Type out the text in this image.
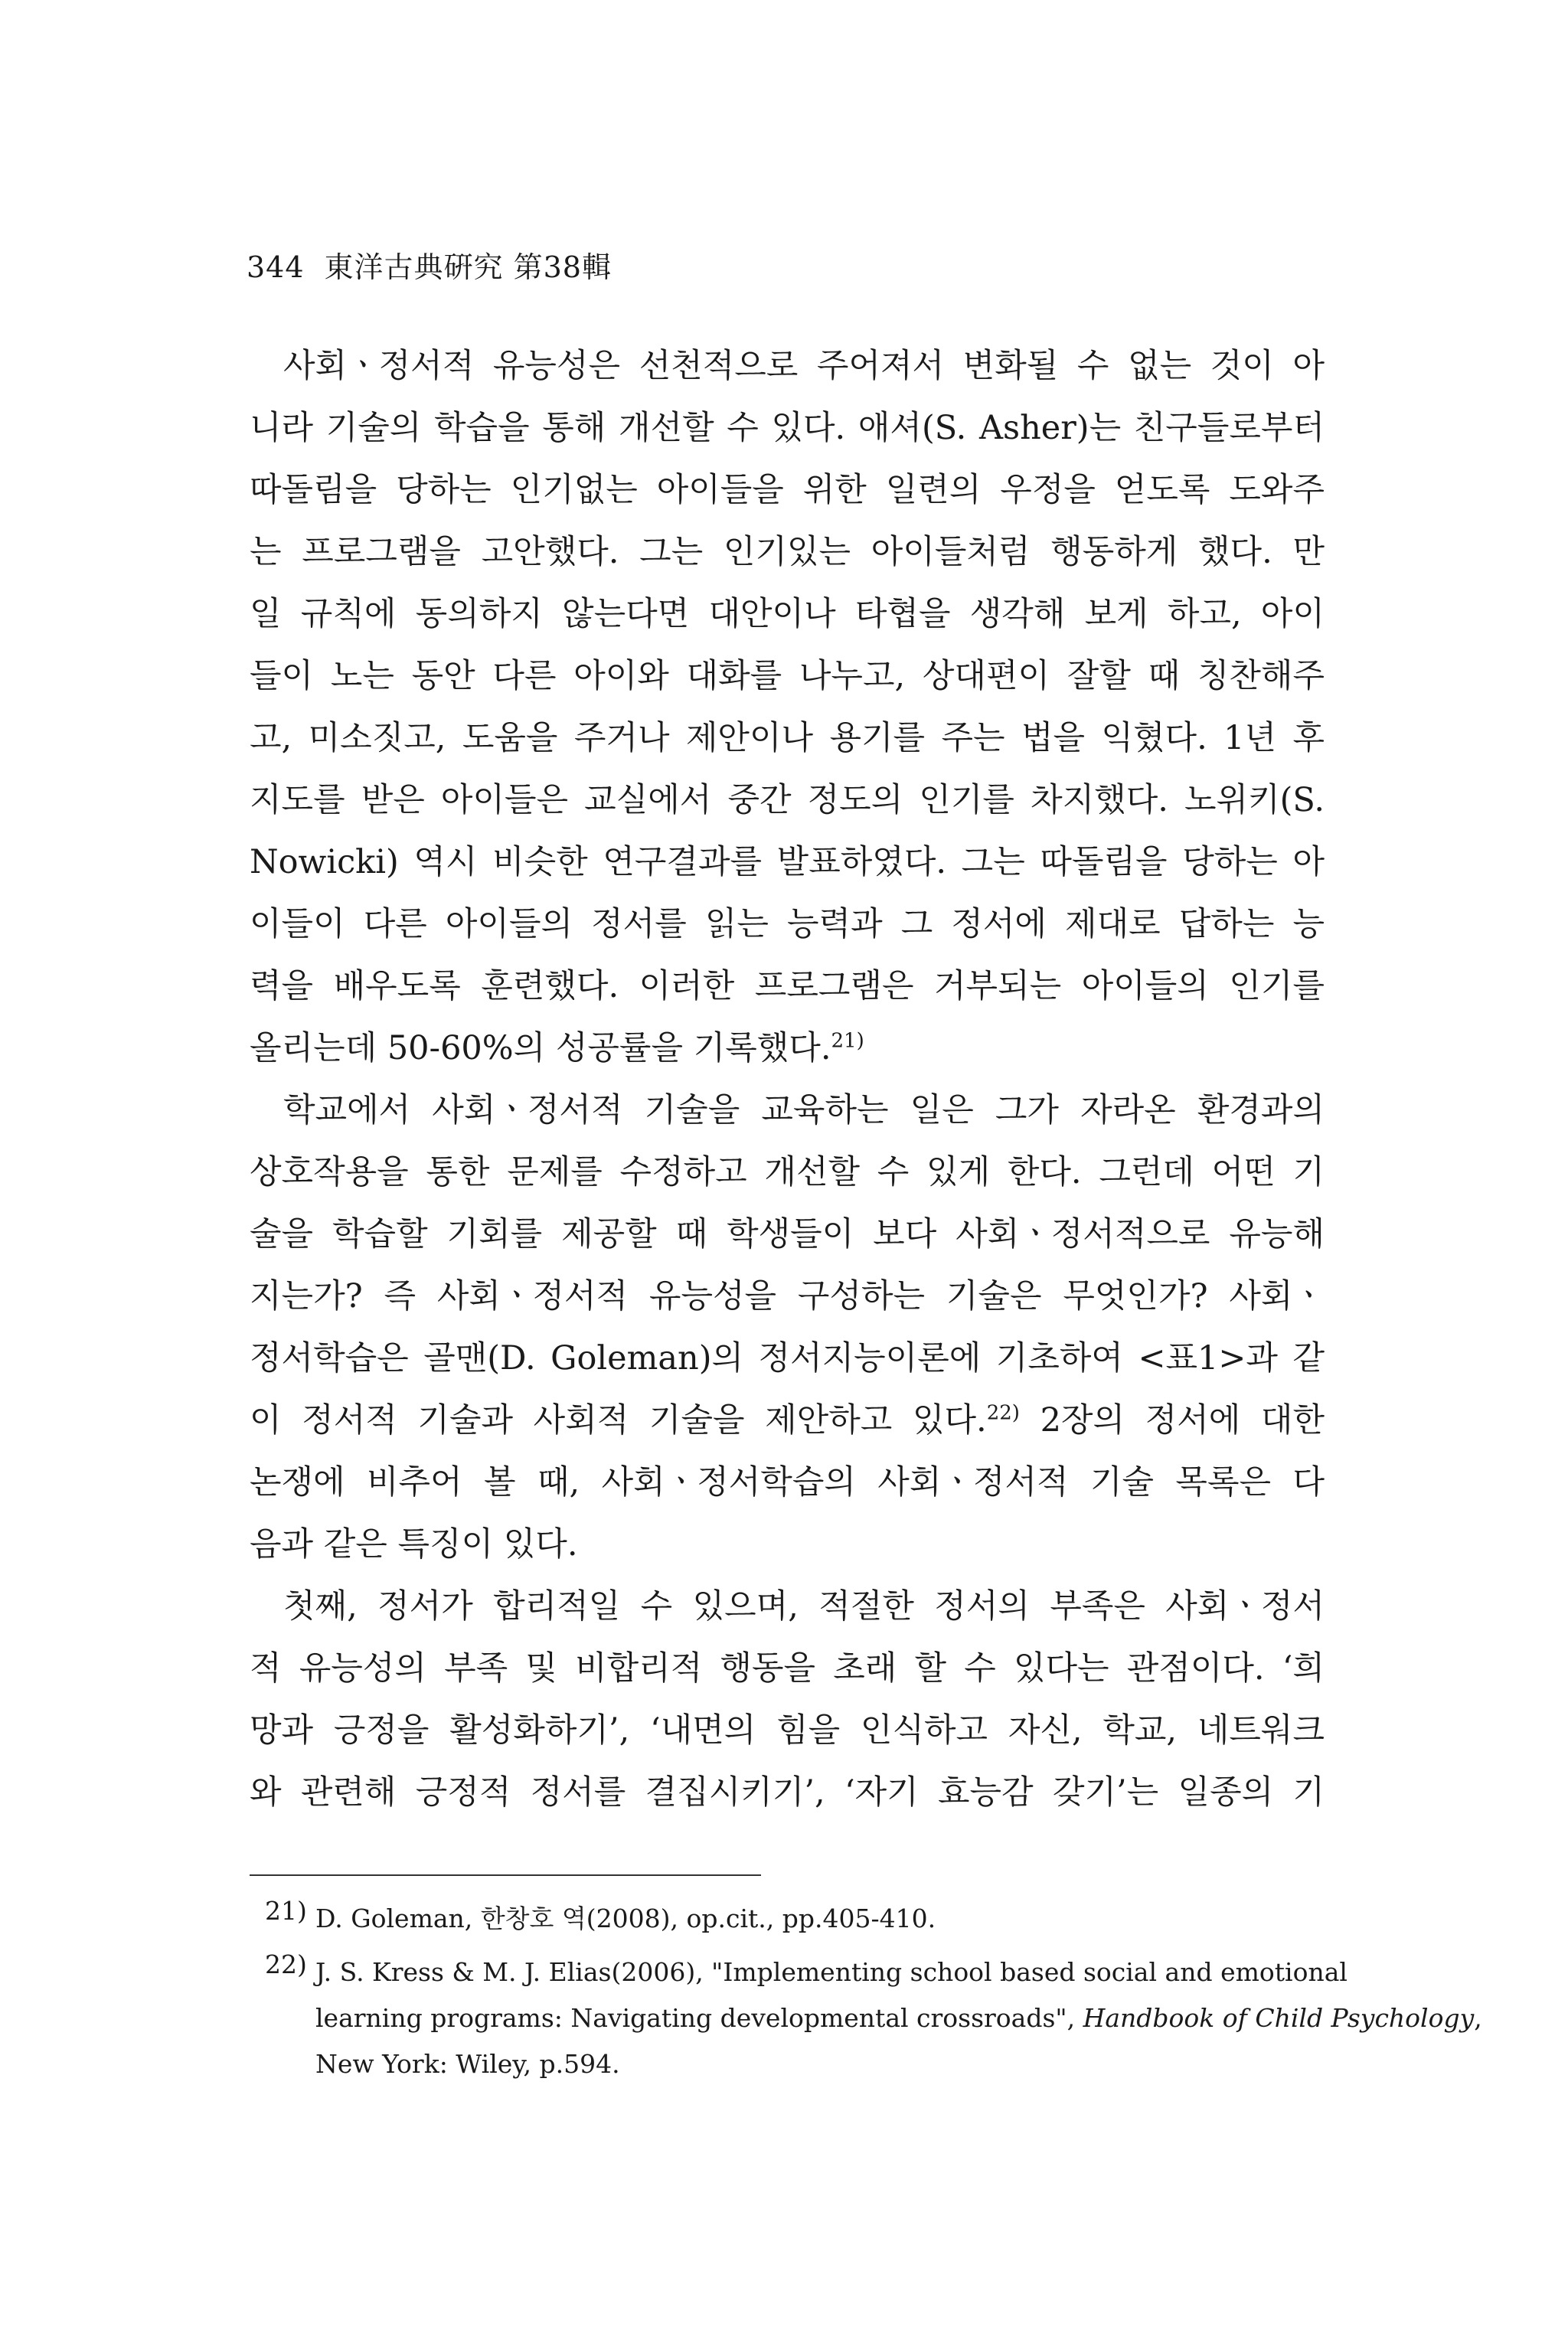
344 東洋古典硏究 第38輯
사회ㆍ정서적 유능성은 선천적으로 주어져서 변화될 수 없는 것이 아
니라 기술의 학습을 통해 개선할 수 있다. 애셔(S. Asher)는 친구들로부터
따돌림을 당하는 인기없는 아이들을 위한 일련의 우정을 얻도록 도와주
는 프로그램을 고안했다. 그는 인기있는 아이들처럼 행동하게 했다. 만
일 규칙에 동의하지 않는다면 대안이나 타협을 생각해 보게 하고, 아이
들이 노는 동안 다른 아이와 대화를 나누고, 상대편이 잘할 때 칭찬해주
고, 미소짓고, 도움을 주거나 제안이나 용기를 주는 법을 익혔다. 1년 후
지도를 받은 아이들은 교실에서 중간 정도의 인기를 차지했다. 노위키(S.
Nowicki) 역시 비슷한 연구결과를 발표하였다. 그는 따돌림을 당하는 아
이들이 다른 아이들의 정서를 읽는 능력과 그 정서에 제대로 답하는 능
력을 배우도록 훈련했다. 이러한 프로그램은 거부되는 아이들의 인기를
올리는데 50-60%의 성공률을 기록했다.$^{21)}$
학교에서 사회ㆍ정서적 기술을 교육하는 일은 그가 자라온 환경과의
상호작용을 통한 문제를 수정하고 개선할 수 있게 한다. 그런데 어떤 기
술을 학습할 기회를 제공할 때 학생들이 보다 사회ㆍ정서적으로 유능해
지는가? 즉 사회ㆍ정서적 유능성을 구성하는 기술은 무엇인가? 사회ㆍ
정서학습은 골맨(D. Goleman)의 정서지능이론에 기초하여 <표1>과 같
이 정서적 기술과 사회적 기술을 제안하고 있다.$^{22)}$ 2장의 정서에 대한
논쟁에 비추어 볼 때, 사회ㆍ정서학습의 사회ㆍ정서적 기술 목록은 다
음과 같은 특징이 있다.
첫째, 정서가 합리적일 수 있으며, 적절한 정서의 부족은 사회ㆍ정서
적 유능성의 부족 및 비합리적 행동을 초래 할 수 있다는 관점이다. ‘희
망과 긍정을 활성화하기’, ‘내면의 힘을 인식하고 자신, 학교, 네트워크
와 관련해 긍정적 정서를 결집시키기’, ‘자기 효능감 갖기’는 일종의 기
21) D. Goleman, 한창호 역(2008), op.cit., pp.405-410.
22) J. S. Kress & M. J. Elias(2006), "Implementing school based social and emotional
learning programs: Navigating developmental crossroads", Handbook of Child Psychology,
New York: Wiley, p.594.
